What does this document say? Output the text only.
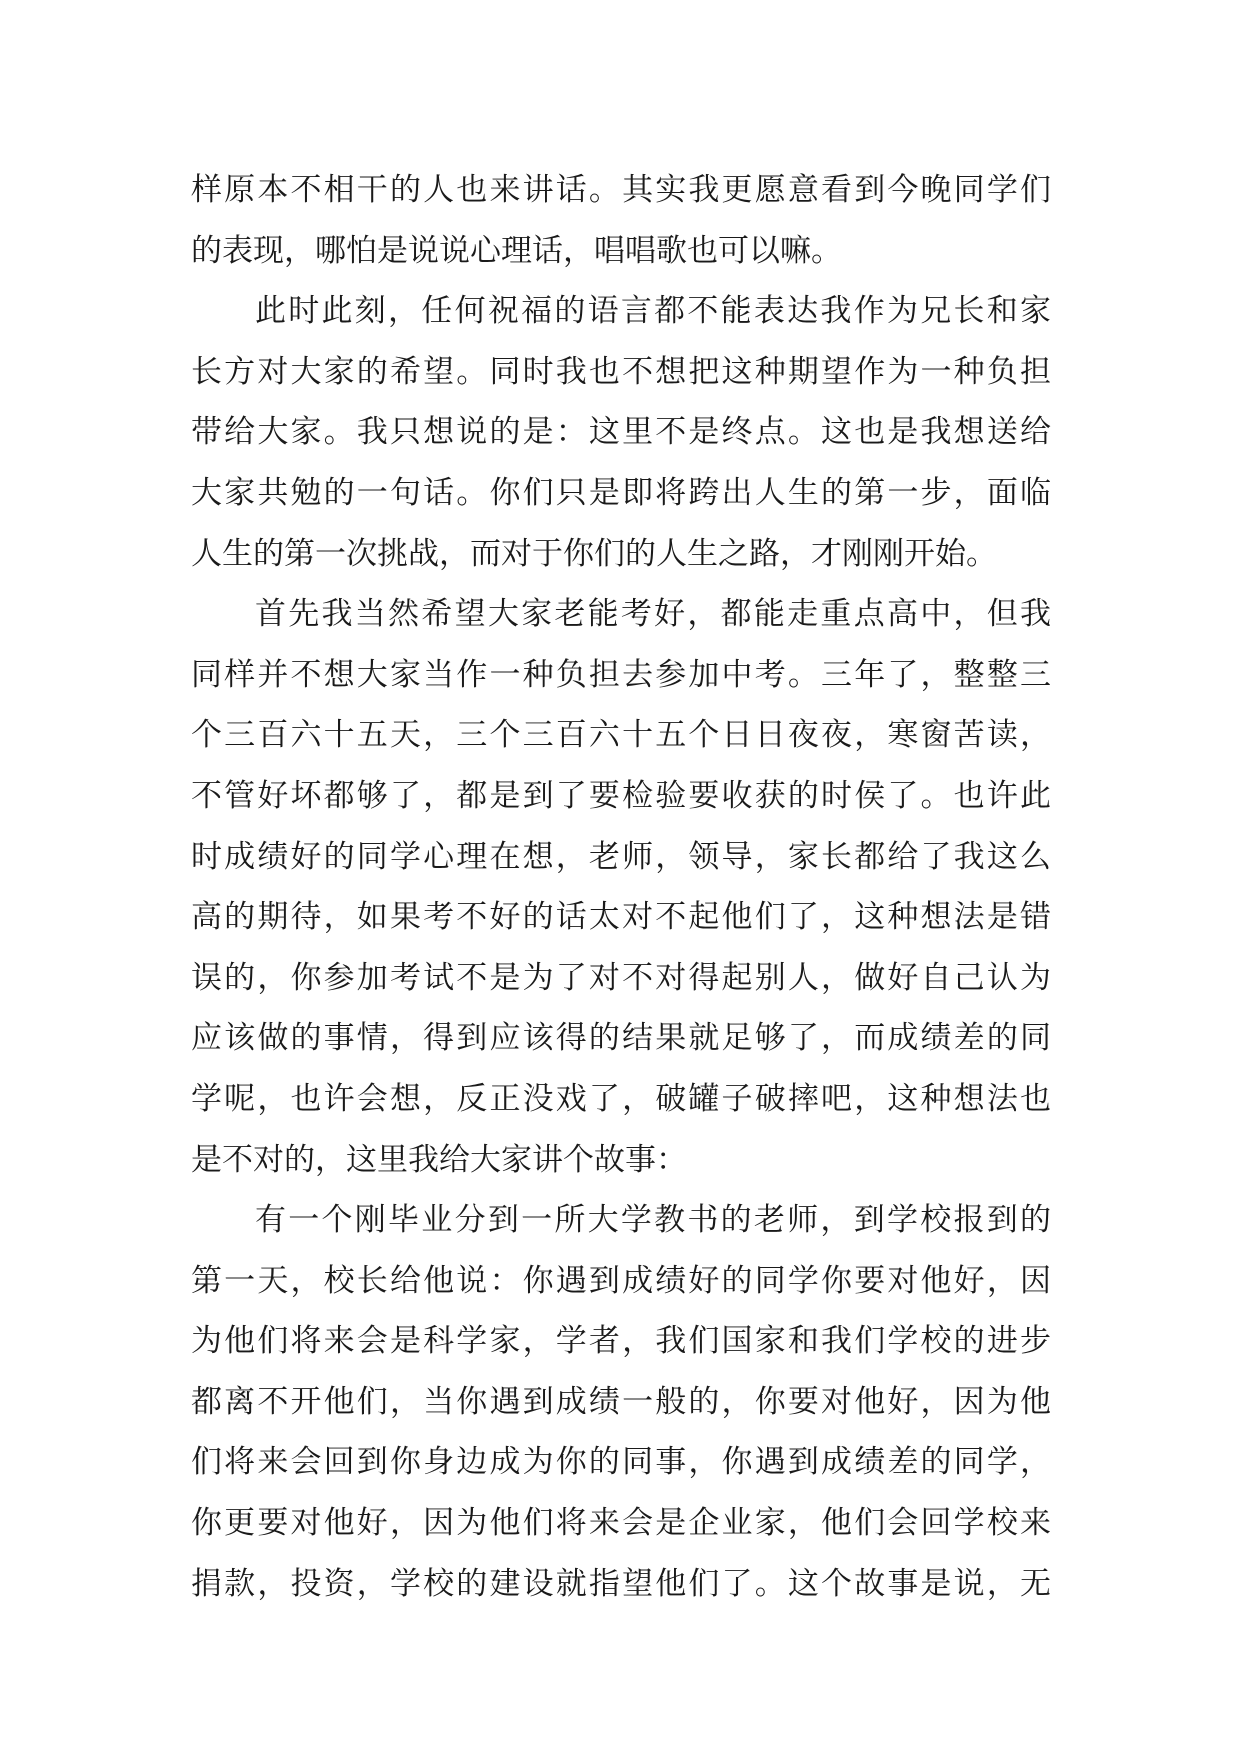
样原本不相干的人也来讲话。其实我更愿意看到今晚同学们
的表现，哪怕是说说心理话，唱唱歌也可以嘛。
此时此刻，任何祝福的语言都不能表达我作为兄长和家
长方对大家的希望。同时我也不想把这种期望作为一种负担
带给大家。我只想说的是：这里不是终点。这也是我想送给
大家共勉的一句话。你们只是即将跨出人生的第一步，面临
人生的第一次挑战，而对于你们的人生之路，才刚刚开始。
首先我当然希望大家老能考好，都能走重点高中，但我
同样并不想大家当作一种负担去参加中考。三年了，整整三
个三百六十五天，三个三百六十五个日日夜夜，寒窗苦读，
不管好坏都够了，都是到了要检验要收获的时侯了。也许此
时成绩好的同学心理在想，老师，领导，家长都给了我这么
高的期待，如果考不好的话太对不起他们了，这种想法是错
误的，你参加考试不是为了对不对得起别人，做好自己认为
应该做的事情，得到应该得的结果就足够了，而成绩差的同
学呢，也许会想，反正没戏了，破罐子破摔吧，这种想法也
是不对的，这里我给大家讲个故事：
有一个刚毕业分到一所大学教书的老师，到学校报到的
第一天，校长给他说：你遇到成绩好的同学你要对他好，因
为他们将来会是科学家，学者，我们国家和我们学校的进步
都离不开他们，当你遇到成绩一般的，你要对他好，因为他
们将来会回到你身边成为你的同事，你遇到成绩差的同学，
你更要对他好，因为他们将来会是企业家，他们会回学校来
捐款，投资，学校的建设就指望他们了。这个故事是说，无
